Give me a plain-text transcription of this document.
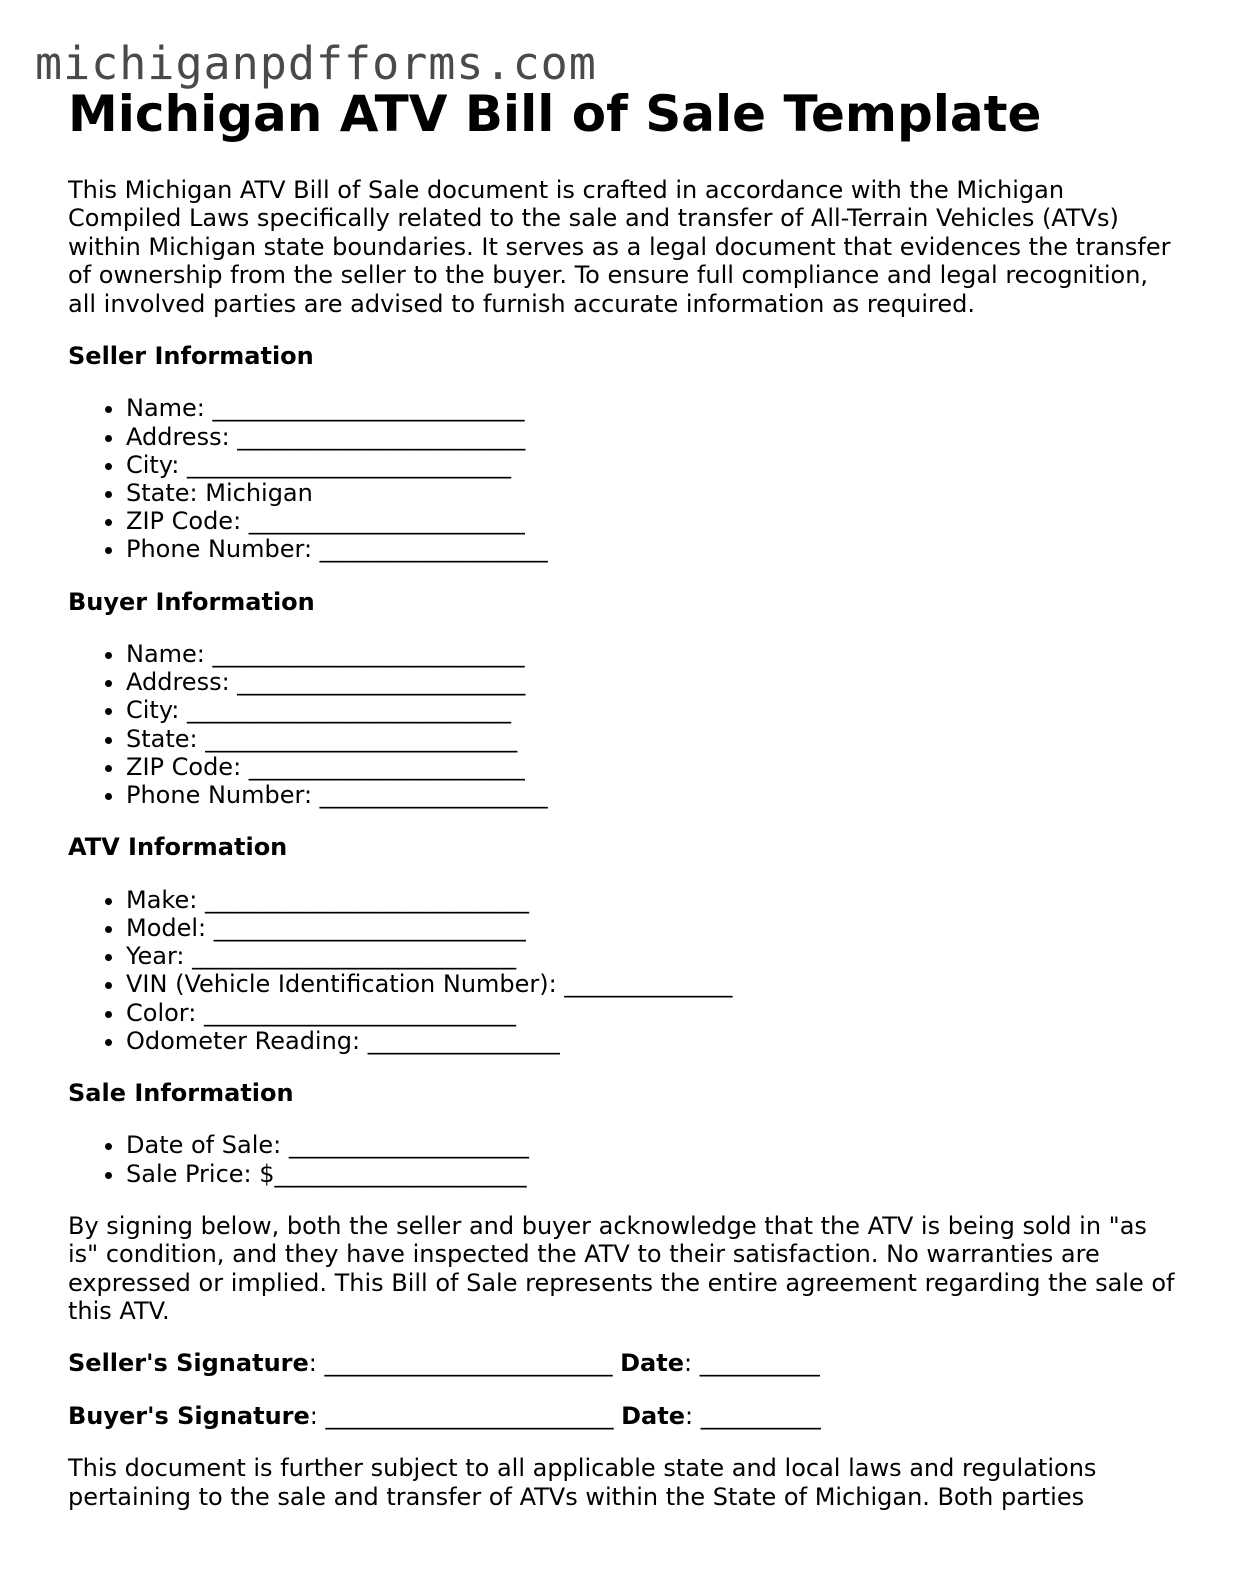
michiganpdfforms.com
Michigan ATV Bill of Sale Template

This Michigan ATV Bill of Sale document is crafted in accordance with the Michigan Compiled Laws specifically related to the sale and transfer of All-Terrain Vehicles (ATVs) within Michigan state boundaries. It serves as a legal document that evidences the transfer of ownership from the seller to the buyer. To ensure full compliance and legal recognition, all involved parties are advised to furnish accurate information as required.

Seller Information
• Name: __________________________
• Address: ________________________
• City: ___________________________
• State: Michigan
• ZIP Code: _______________________
• Phone Number: ___________________
Buyer Information
• Name: __________________________
• Address: ________________________
• City: ___________________________
• State: __________________________
• ZIP Code: _______________________
• Phone Number: ___________________
ATV Information
• Make: ___________________________
• Model: __________________________
• Year: ___________________________
• VIN (Vehicle Identification Number): ______________
• Color: __________________________
• Odometer Reading: ________________
Sale Information
• Date of Sale: ____________________
• Sale Price: $_____________________

By signing below, both the seller and buyer acknowledge that the ATV is being sold in "as is" condition, and they have inspected the ATV to their satisfaction. No warranties are expressed or implied. This Bill of Sale represents the entire agreement regarding the sale of this ATV.

Seller's Signature: ________________________ Date: __________
Buyer's Signature: ________________________ Date: __________

This document is further subject to all applicable state and local laws and regulations pertaining to the sale and transfer of ATVs within the State of Michigan. Both parties
